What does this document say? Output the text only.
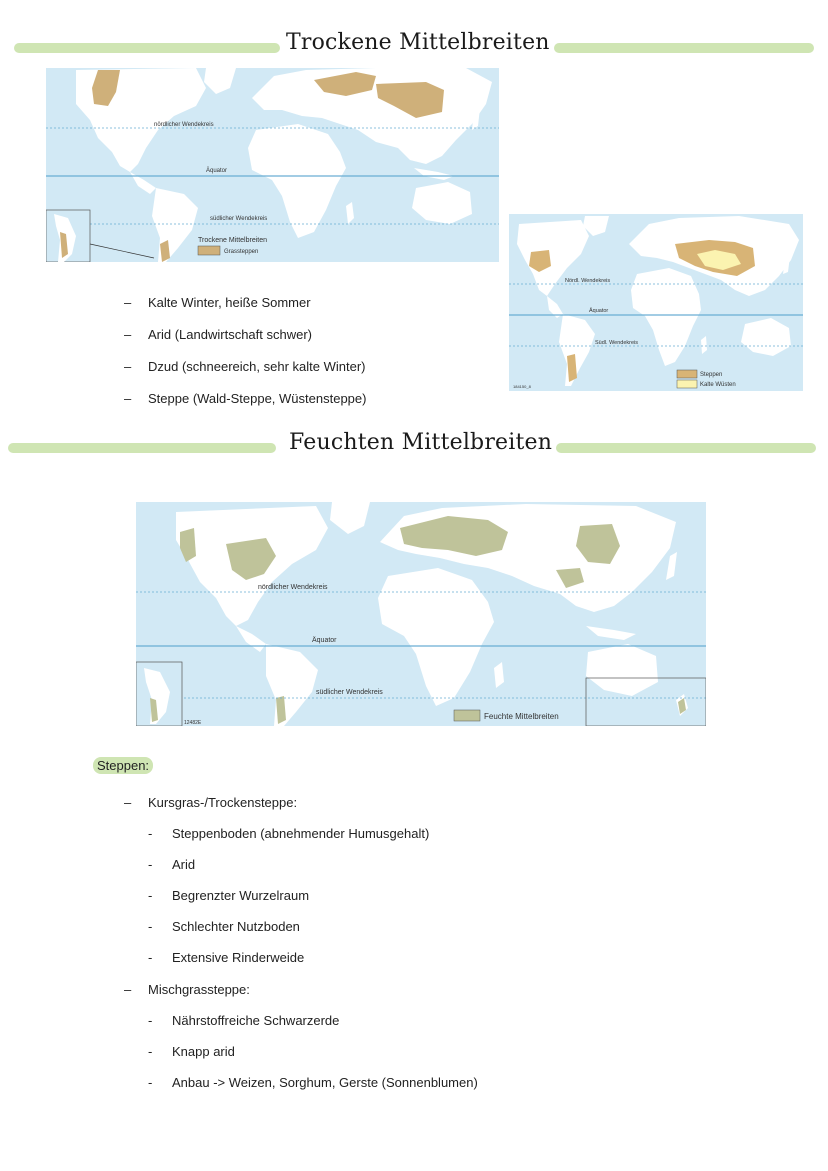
Trockene Mittelbreiten
nördlicher Wendekreis
Äquator
südlicher Wendekreis
Trockene Mittelbreiten
Grassteppen
Nördl. Wendekreis
Äquator
Südl. Wendekreis
184150_8
Steppen
Kalte Wüsten
– Kalte Winter, heiße Sommer
– Arid (Landwirtschaft schwer)
– Dzud (schneereich, sehr kalte Winter)
– Steppe (Wald-Steppe, Wüstensteppe)
Feuchten Mittelbreiten
nördlicher Wendekreis
Äquator
südlicher Wendekreis
12482E
Feuchte Mittelbreiten
Steppen:
– Kursgras-/Trockensteppe:
- Steppenboden (abnehmender Humusgehalt)
- Arid
- Begrenzter Wurzelraum
- Schlechter Nutzboden
- Extensive Rinderweide
– Mischgrassteppe:
- Nährstoffreiche Schwarzerde
- Knapp arid
- Anbau -> Weizen, Sorghum, Gerste (Sonnenblumen)
